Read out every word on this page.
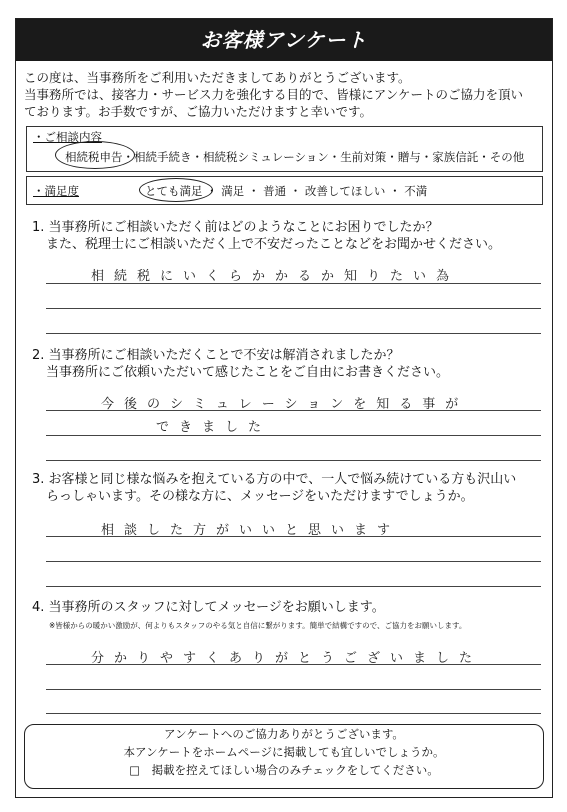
お客様アンケート
この度は、当事務所をご利用いただきましてありがとうございます。
当事務所では、接客力・サービス力を強化する目的で、皆様にアンケートのご協力を頂い
ております。お手数ですが、ご協力いただけますと幸いです。
・ご相談内容
相続税申告・相続手続き・相続税シミュレーション・生前対策・贈与・家族信託・その他
・満足度	とても満足 ・ 満足 ・ 普通 ・ 改善してほしい ・ 不満
1. 当事務所にご相談いただく前はどのようなことにお困りでしたか？
また、税理士にご相談いただく上で不安だったことなどをお聞かせください。
相続税にいくらかかるか知りたい為
2. 当事務所にご相談いただくことで不安は解消されましたか？
当事務所にご依頼いただいて感じたことをご自由にお書きください。
今後のシミュレーションを知る事が
できました
3. お客様と同じ様な悩みを抱えている方の中で、一人で悩み続けている方も沢山い
らっしゃいます。その様な方に、メッセージをいただけますでしょうか。
相談した方がいいと思います
4. 当事務所のスタッフに対してメッセージをお願いします。
※皆様からの暖かい激励が、何よりもスタッフのやる気と自信に繋がります。簡単で結構ですので、ご協力をお願いします。
分かりやすくありがとうございました
アンケートへのご協力ありがとうございます。
本アンケートをホームページに掲載しても宜しいでしょうか。
□　掲載を控えてほしい場合のみチェックをしてください。
